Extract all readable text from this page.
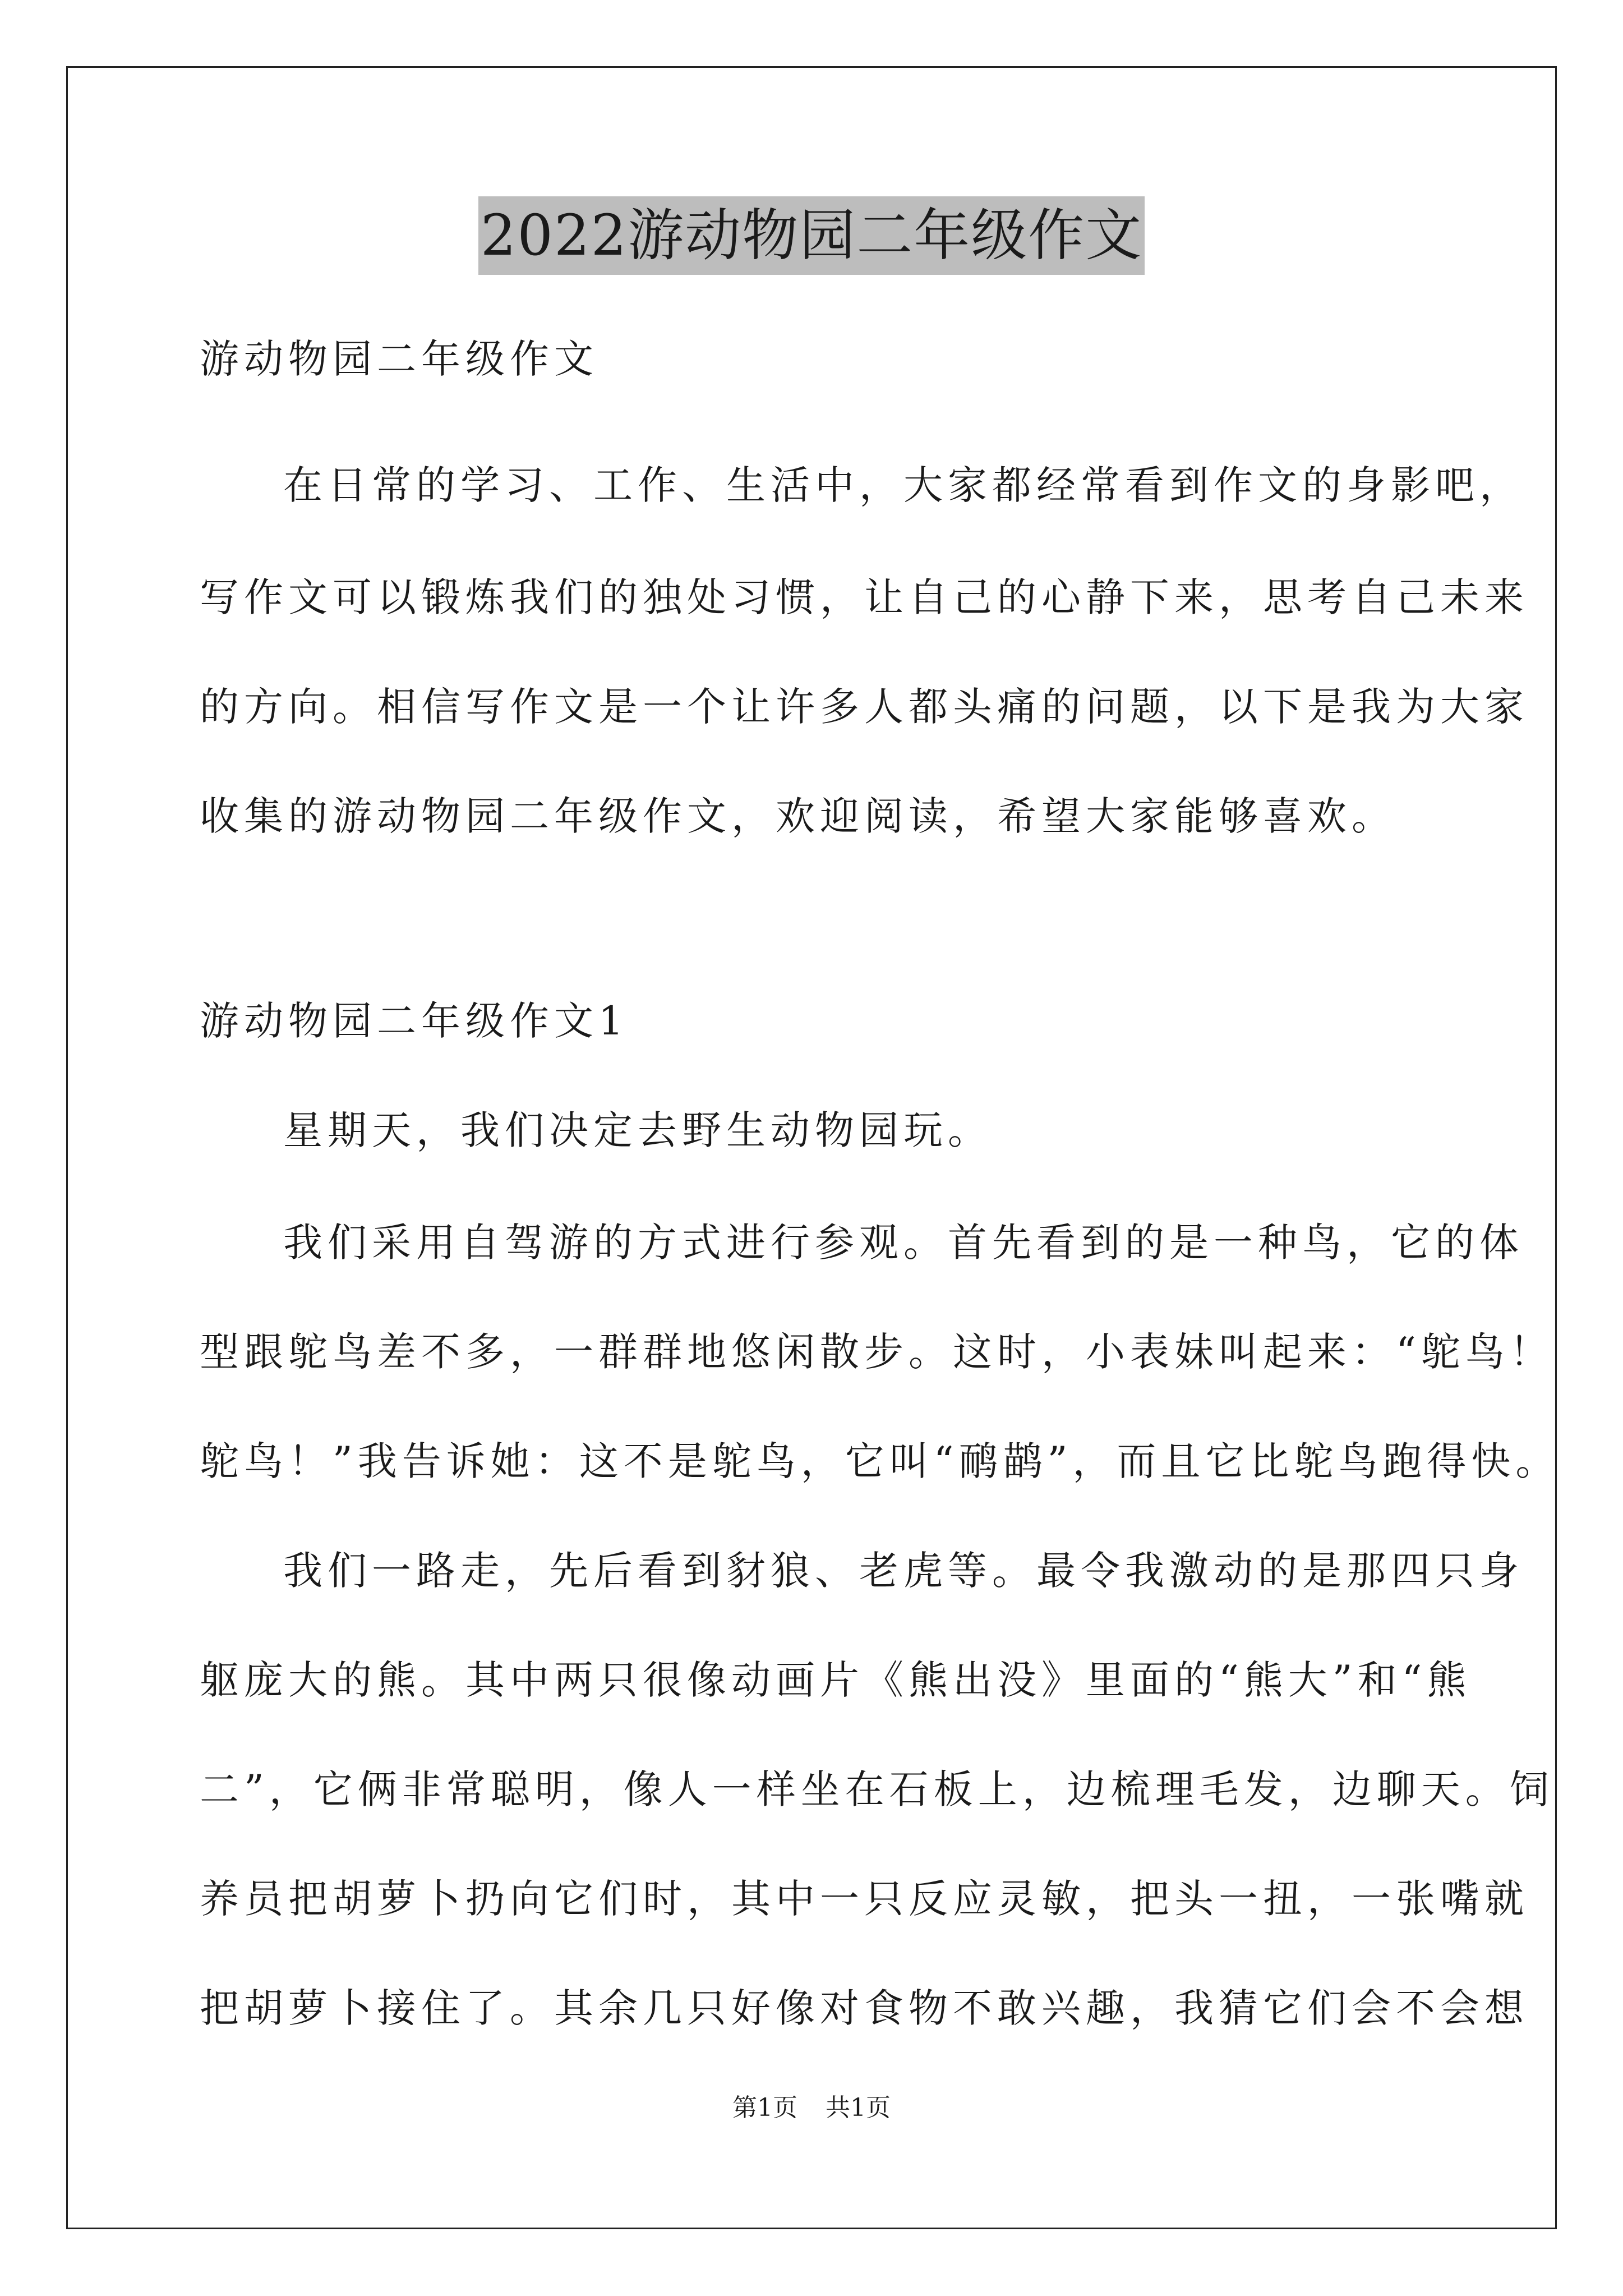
2022游动物园二年级作文
游动物园二年级作文
在日常的学习、工作、生活中，大家都经常看到作文的身影吧，
写作文可以锻炼我们的独处习惯，让自己的心静下来，思考自己未来
的方向。相信写作文是一个让许多人都头痛的问题，以下是我为大家
收集的游动物园二年级作文，欢迎阅读，希望大家能够喜欢。
游动物园二年级作文1
星期天，我们决定去野生动物园玩。
我们采用自驾游的方式进行参观。首先看到的是一种鸟，它的体
型跟鸵鸟差不多，一群群地悠闲散步。这时，小表妹叫起来：“鸵鸟！
鸵鸟！”我告诉她：这不是鸵鸟，它叫“鸸鹋”，而且它比鸵鸟跑得快。
我们一路走，先后看到豺狼、老虎等。最令我激动的是那四只身
躯庞大的熊。其中两只很像动画片《熊出没》里面的“熊大”和“熊
二”，它俩非常聪明，像人一样坐在石板上，边梳理毛发，边聊天。饲
养员把胡萝卜扔向它们时，其中一只反应灵敏，把头一扭，一张嘴就
把胡萝卜接住了。其余几只好像对食物不敢兴趣，我猜它们会不会想
第1页 共1页
